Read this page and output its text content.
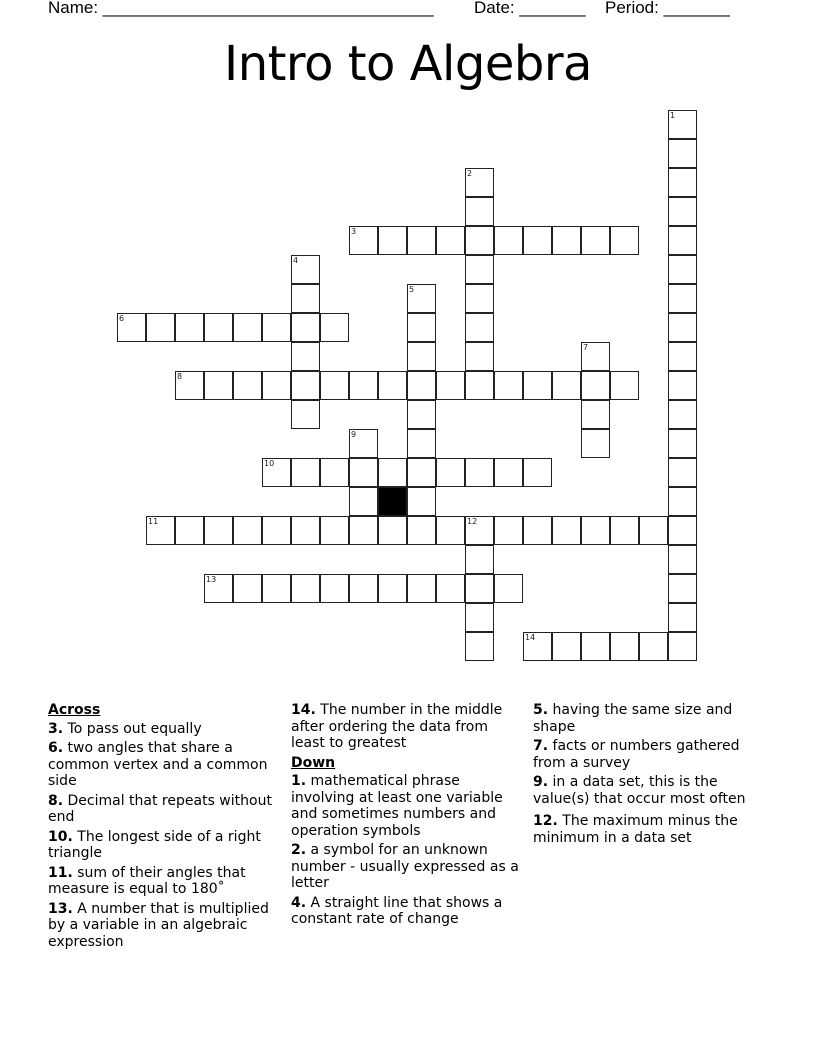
Name: ___________________________________ Date: _______ Period: _______
Intro to Algebra
1
2
3
4
5
6
7
8
9
10
11	12
13
14
Across
3. To pass out equally
6. two angles that share a common vertex and a common side
8. Decimal that repeats without end
10. The longest side of a right triangle
11. sum of their angles that measure is equal to 180˚
13. A number that is multiplied by a variable in an algebraic expression
14. The number in the middle after ordering the data from least to greatest
Down
1. mathematical phrase involving at least one variable and sometimes numbers and operation symbols
2. a symbol for an unknown number - usually expressed as a letter
4. A straight line that shows a constant rate of change
5. having the same size and shape
7. facts or numbers gathered from a survey
9. in a data set, this is the value(s) that occur most often
12. The maximum minus the minimum in a data set
